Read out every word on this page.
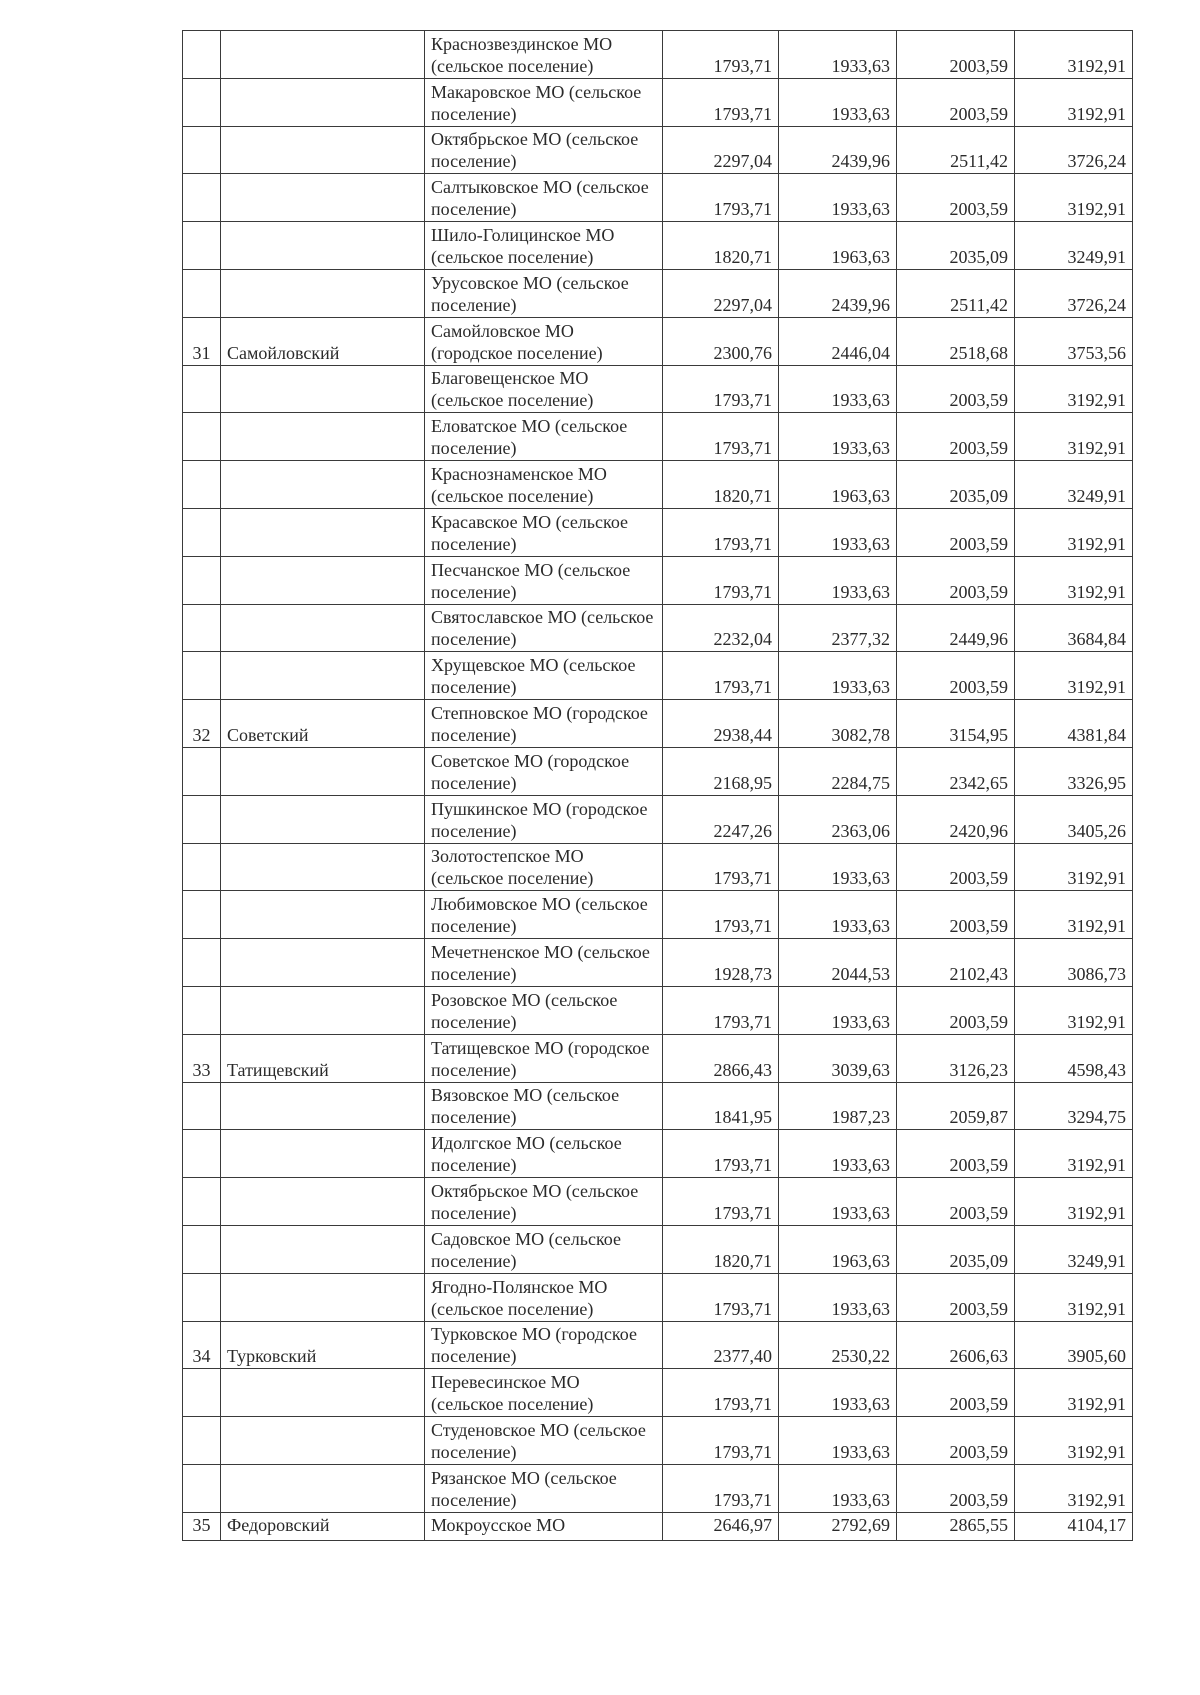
		Краснозвездинское МО (сельское поселение)	1793,71	1933,63	2003,59	3192,91
		Макаровское МО (сельское поселение)	1793,71	1933,63	2003,59	3192,91
		Октябрьское МО (сельское поселение)	2297,04	2439,96	2511,42	3726,24
		Салтыковское МО (сельское поселение)	1793,71	1933,63	2003,59	3192,91
		Шило-Голицинское МО (сельское поселение)	1820,71	1963,63	2035,09	3249,91
		Урусовское МО (сельское поселение)	2297,04	2439,96	2511,42	3726,24
31	Самойловский	Самойловское МО (городское поселение)	2300,76	2446,04	2518,68	3753,56
		Благовещенское МО (сельское поселение)	1793,71	1933,63	2003,59	3192,91
		Еловатское МО (сельское поселение)	1793,71	1933,63	2003,59	3192,91
		Краснознаменское МО (сельское поселение)	1820,71	1963,63	2035,09	3249,91
		Красавское МО (сельское поселение)	1793,71	1933,63	2003,59	3192,91
		Песчанское МО (сельское поселение)	1793,71	1933,63	2003,59	3192,91
		Святославское МО (сельское поселение)	2232,04	2377,32	2449,96	3684,84
		Хрущевское МО (сельское поселение)	1793,71	1933,63	2003,59	3192,91
32	Советский	Степновское МО (городское поселение)	2938,44	3082,78	3154,95	4381,84
		Советское МО (городское поселение)	2168,95	2284,75	2342,65	3326,95
		Пушкинское МО (городское поселение)	2247,26	2363,06	2420,96	3405,26
		Золотостепское МО (сельское поселение)	1793,71	1933,63	2003,59	3192,91
		Любимовское МО (сельское поселение)	1793,71	1933,63	2003,59	3192,91
		Мечетненское МО (сельское поселение)	1928,73	2044,53	2102,43	3086,73
		Розовское МО (сельское поселение)	1793,71	1933,63	2003,59	3192,91
33	Татищевский	Татищевское МО (городское поселение)	2866,43	3039,63	3126,23	4598,43
		Вязовское МО (сельское поселение)	1841,95	1987,23	2059,87	3294,75
		Идолгское МО (сельское поселение)	1793,71	1933,63	2003,59	3192,91
		Октябрьское МО (сельское поселение)	1793,71	1933,63	2003,59	3192,91
		Садовское МО (сельское поселение)	1820,71	1963,63	2035,09	3249,91
		Ягодно-Полянское МО (сельское поселение)	1793,71	1933,63	2003,59	3192,91
34	Турковский	Турковское МО (городское поселение)	2377,40	2530,22	2606,63	3905,60
		Перевесинское МО (сельское поселение)	1793,71	1933,63	2003,59	3192,91
		Студеновское МО (сельское поселение)	1793,71	1933,63	2003,59	3192,91
		Рязанское МО (сельское поселение)	1793,71	1933,63	2003,59	3192,91
35	Федоровский	Мокроусское МО	2646,97	2792,69	2865,55	4104,17
